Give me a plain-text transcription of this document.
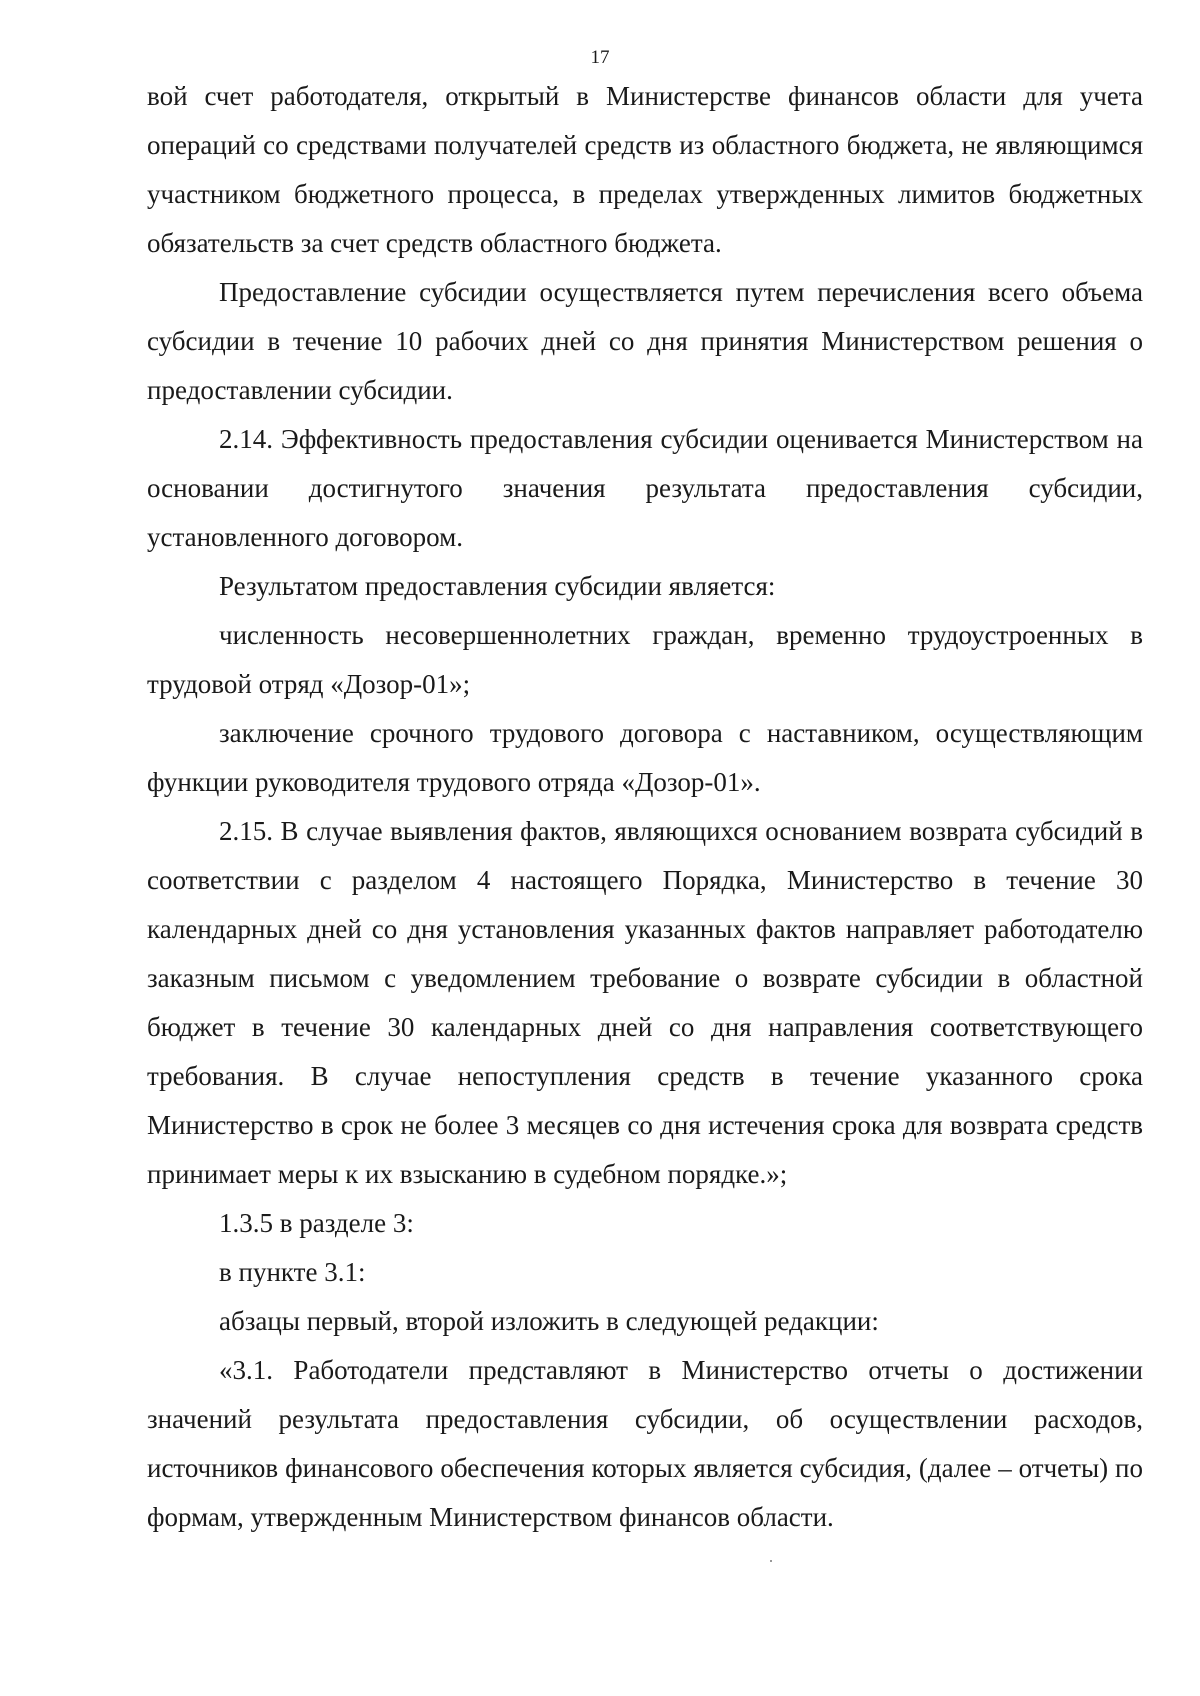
17

вой счет работодателя, открытый в Министерстве финансов области для учета операций со средствами получателей средств из областного бюджета, не являющимся участником бюджетного процесса, в пределах утвержденных лимитов бюджетных обязательств за счет средств областного бюджета.

Предоставление субсидии осуществляется путем перечисления всего объема субсидии в течение 10 рабочих дней со дня принятия Министерством решения о предоставлении субсидии.

2.14. Эффективность предоставления субсидии оценивается Министерством на основании достигнутого значения результата предоставления субсидии, установленного договором.

Результатом предоставления субсидии является:

численность несовершеннолетних граждан, временно трудоустроенных в трудовой отряд «Дозор-01»;

заключение срочного трудового договора с наставником, осуществляющим функции руководителя трудового отряда «Дозор-01».

2.15. В случае выявления фактов, являющихся основанием возврата субсидий в соответствии с разделом 4 настоящего Порядка, Министерство в течение 30 календарных дней со дня установления указанных фактов направляет работодателю заказным письмом с уведомлением требование о возврате субсидии в областной бюджет в течение 30 календарных дней со дня направления соответствующего требования. В случае непоступления средств в течение указанного срока Министерство в срок не более 3 месяцев со дня истечения срока для возврата средств принимает меры к их взысканию в судебном порядке.»;

1.3.5 в разделе 3:

в пункте 3.1:

абзацы первый, второй изложить в следующей редакции:

«3.1. Работодатели представляют в Министерство отчеты о достижении значений результата предоставления субсидии, об осуществлении расходов, источников финансового обеспечения которых является субсидия, (далее – отчеты) по формам, утвержденным Министерством финансов области.
